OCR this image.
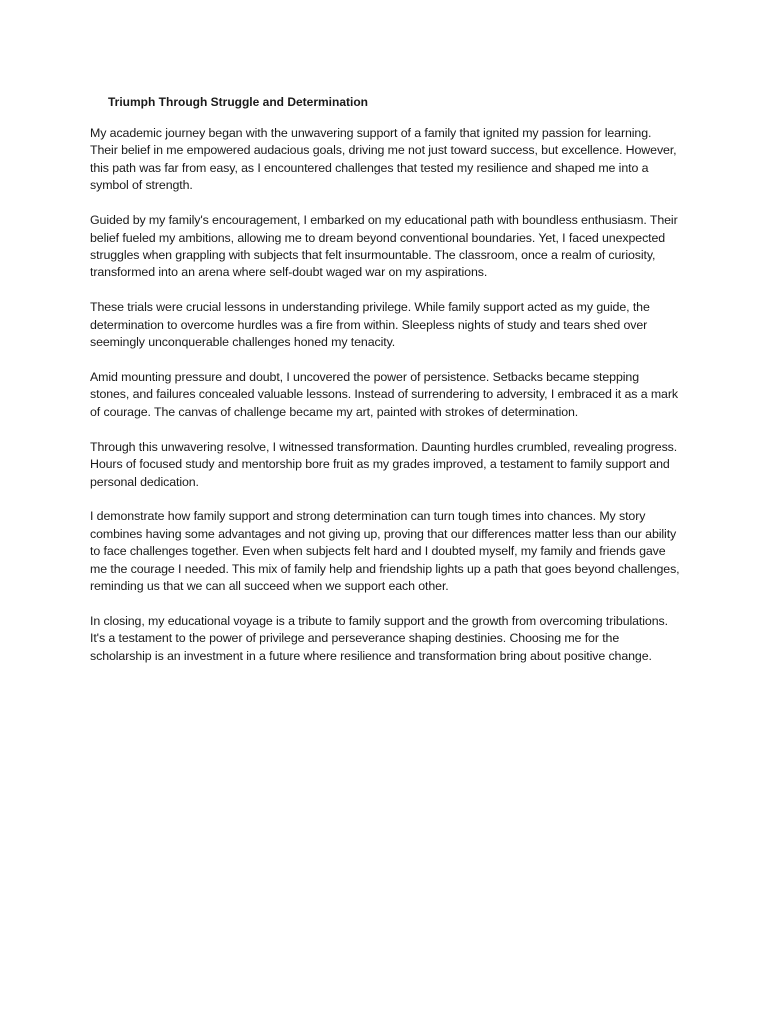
Triumph Through Struggle and Determination

My academic journey began with the unwavering support of a family that ignited my passion for learning. Their belief in me empowered audacious goals, driving me not just toward success, but excellence. However, this path was far from easy, as I encountered challenges that tested my resilience and shaped me into a symbol of strength.

Guided by my family's encouragement, I embarked on my educational path with boundless enthusiasm. Their belief fueled my ambitions, allowing me to dream beyond conventional boundaries. Yet, I faced unexpected struggles when grappling with subjects that felt insurmountable. The classroom, once a realm of curiosity, transformed into an arena where self-doubt waged war on my aspirations.

These trials were crucial lessons in understanding privilege. While family support acted as my guide, the determination to overcome hurdles was a fire from within. Sleepless nights of study and tears shed over seemingly unconquerable challenges honed my tenacity.

Amid mounting pressure and doubt, I uncovered the power of persistence. Setbacks became stepping stones, and failures concealed valuable lessons. Instead of surrendering to adversity, I embraced it as a mark of courage. The canvas of challenge became my art, painted with strokes of determination.

Through this unwavering resolve, I witnessed transformation. Daunting hurdles crumbled, revealing progress. Hours of focused study and mentorship bore fruit as my grades improved, a testament to family support and personal dedication.

I demonstrate how family support and strong determination can turn tough times into chances. My story combines having some advantages and not giving up, proving that our differences matter less than our ability to face challenges together. Even when subjects felt hard and I doubted myself, my family and friends gave me the courage I needed. This mix of family help and friendship lights up a path that goes beyond challenges, reminding us that we can all succeed when we support each other.

In closing, my educational voyage is a tribute to family support and the growth from overcoming tribulations. It's a testament to the power of privilege and perseverance shaping destinies. Choosing me for the scholarship is an investment in a future where resilience and transformation bring about positive change.
